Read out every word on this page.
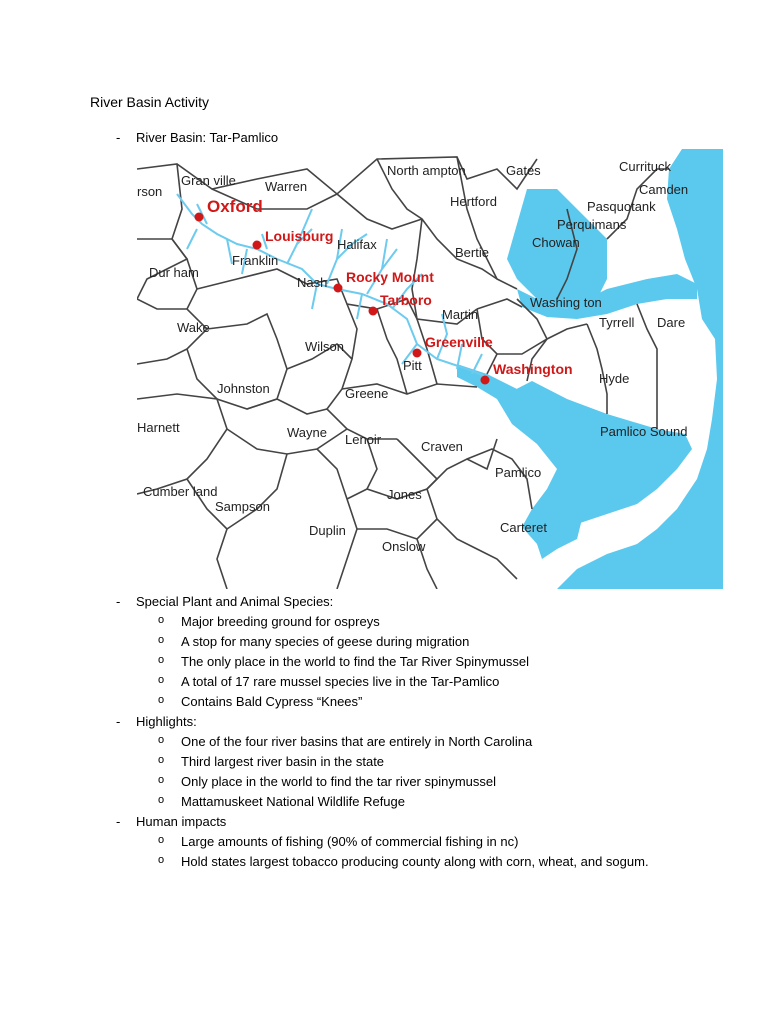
River Basin Activity
- River Basin: Tar-Pamlico
rson
Gran ville Warren
North ampton	Gates	Currituck
Camden
Pasquotank
Perquimans
Chowan
Hertford
Halifax
Bertie
Franklin
Nash
Martin
Washing ton
Tyrrell Dare
Dur ham
Wake
Wilson
Pitt
Hyde
Johnston	Greene
Wayne Lenoir	Craven
Harnett
Cumber land
Sampson
Jones
Pamlico
Duplin
Onslow
Carteret
Pamlico Sound
Oxford
Louisburg
Rocky Mount
Tarboro
Greenville
Washington
- Special Plant and Animal Species:
o Major breeding ground for ospreys
o A stop for many species of geese during migration
o The only place in the world to find the Tar River Spinymussel
o A total of 17 rare mussel species live in the Tar-Pamlico
o Contains Bald Cypress “Knees”
- Highlights:
o One of the four river basins that are entirely in North Carolina
o Third largest river basin in the state
o Only place in the world to find the tar river spinymussel
o Mattamuskeet National Wildlife Refuge
- Human impacts
o Large amounts of fishing (90% of commercial fishing in nc)
o Hold states largest tobacco producing county along with corn, wheat, and sogum.
